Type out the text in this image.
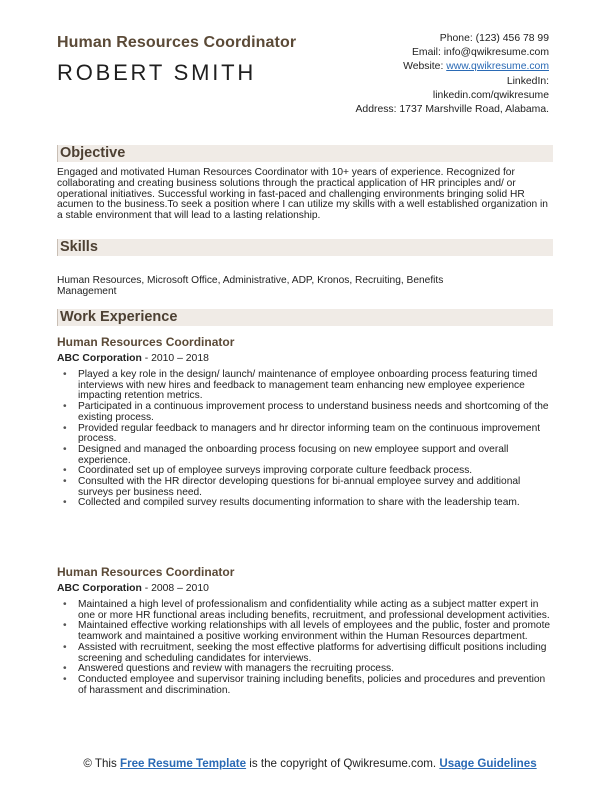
Human Resources Coordinator
ROBERT SMITH
Phone: (123) 456 78 99
Email: info@qwikresume.com
Website: www.qwikresume.com
LinkedIn:
linkedin.com/qwikresume
Address: 1737 Marshville Road, Alabama.
Objective
Engaged and motivated Human Resources Coordinator with 10+ years of experience. Recognized for collaborating and creating business solutions through the practical application of HR principles and/ or operational initiatives. Successful working in fast-paced and challenging environments bringing solid HR acumen to the business.To seek a position where I can utilize my skills with a well established organization in a stable environment that will lead to a lasting relationship.
Skills
Human Resources, Microsoft Office, Administrative, ADP, Kronos, Recruiting, Benefits Management
Work Experience
Human Resources Coordinator
ABC Corporation - 2010 – 2018
• Played a key role in the design/ launch/ maintenance of employee onboarding process featuring timed interviews with new hires and feedback to management team enhancing new employee experience impacting retention metrics.
• Participated in a continuous improvement process to understand business needs and shortcoming of the existing process.
• Provided regular feedback to managers and hr director informing team on the continuous improvement process.
• Designed and managed the onboarding process focusing on new employee support and overall experience.
• Coordinated set up of employee surveys improving corporate culture feedback process.
• Consulted with the HR director developing questions for bi-annual employee survey and additional surveys per business need.
• Collected and compiled survey results documenting information to share with the leadership team.
Human Resources Coordinator
ABC Corporation - 2008 – 2010
• Maintained a high level of professionalism and confidentiality while acting as a subject matter expert in one or more HR functional areas including benefits, recruitment, and professional development activities.
• Maintained effective working relationships with all levels of employees and the public, foster and promote teamwork and maintained a positive working environment within the Human Resources department.
• Assisted with recruitment, seeking the most effective platforms for advertising difficult positions including screening and scheduling candidates for interviews.
• Answered questions and review with managers the recruiting process.
• Conducted employee and supervisor training including benefits, policies and procedures and prevention of harassment and discrimination.
© This Free Resume Template is the copyright of Qwikresume.com. Usage Guidelines
